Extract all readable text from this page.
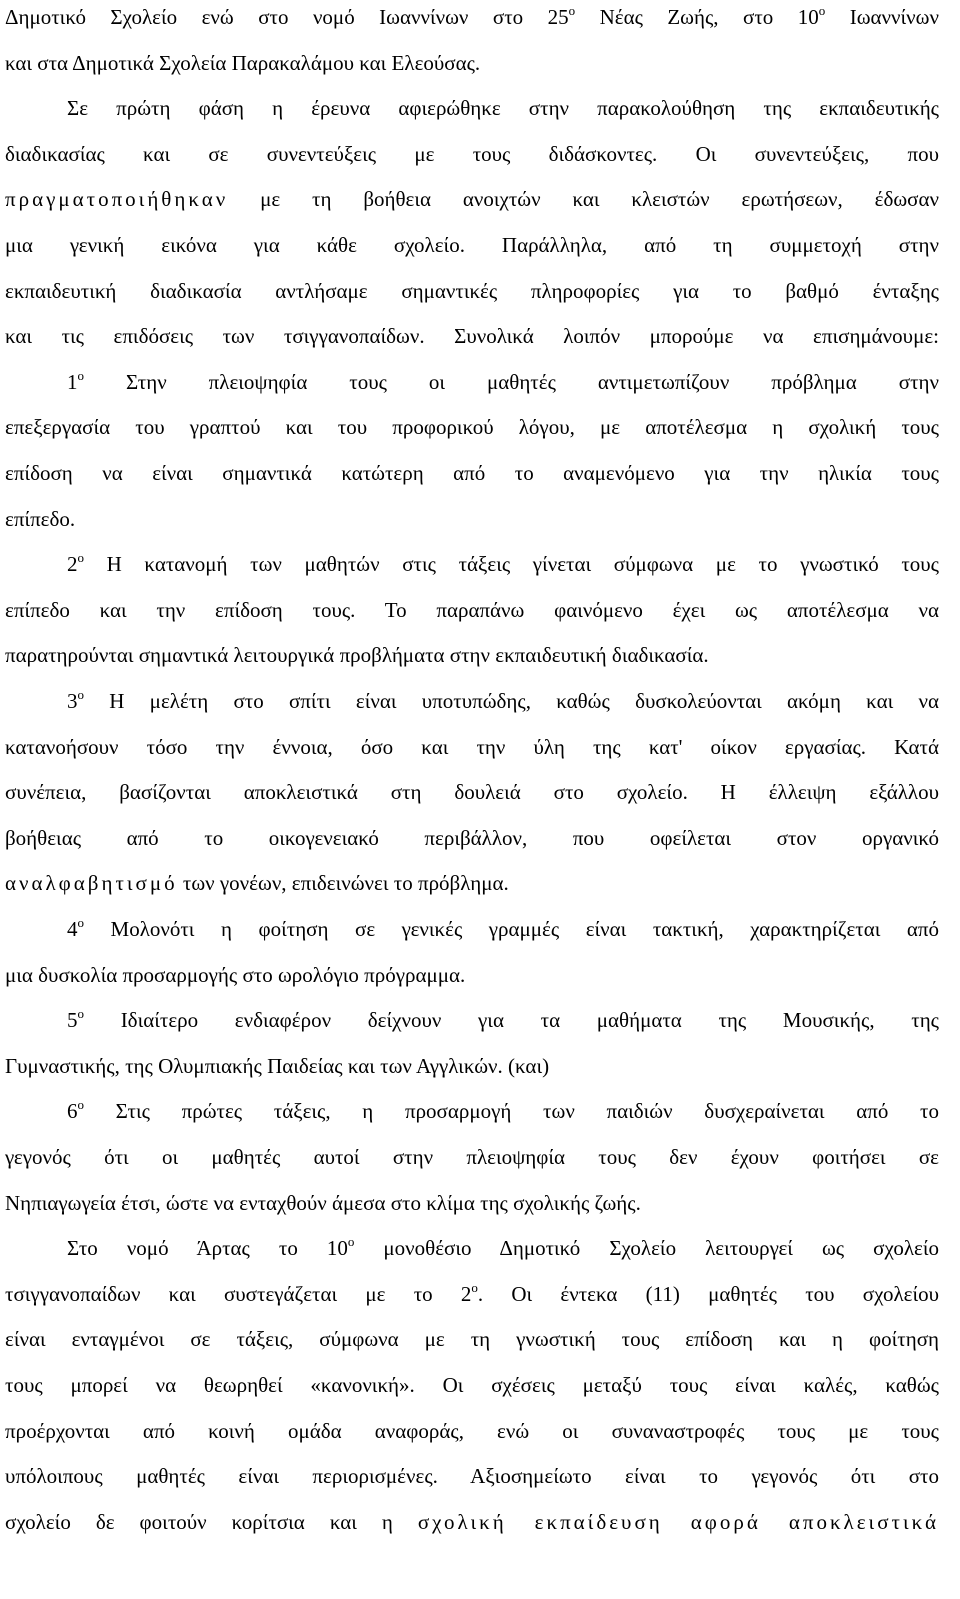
Δημοτικό Σχολείο ενώ στο νομό Ιωαννίνων στο $25^o$ Νέας Ζωής, στο $10^o$ Ιωαννίνων
και στα Δημοτικά Σχολεία Παρακαλάμου και Ελεούσας.
Σε πρώτη φάση η έρευνα αφιερώθηκε στην παρακολούθηση της εκπαιδευτικής
διαδικασίας και σε συνεντεύξεις με τους διδάσκοντες. Οι συνεντεύξεις, που
πραγματοποιήθηκαν με τη βοήθεια ανοιχτών και κλειστών ερωτήσεων, έδωσαν
μια γενική εικόνα για κάθε σχολείο. Παράλληλα, από τη συμμετοχή στην
εκπαιδευτική διαδικασία αντλήσαμε σημαντικές πληροφορίες για το βαθμό ένταξης
και τις επιδόσεις των τσιγγανοπαίδων. Συνολικά λοιπόν μπορούμε να επισημάνουμε:
$1^o$ Στην πλειοψηφία τους οι μαθητές αντιμετωπίζουν πρόβλημα στην
επεξεργασία του γραπτού και του προφορικού λόγου, με αποτέλεσμα η σχολική τους
επίδοση να είναι σημαντικά κατώτερη από το αναμενόμενο για την ηλικία τους
επίπεδο.
$2^o$ Η κατανομή των μαθητών στις τάξεις γίνεται σύμφωνα με το γνωστικό τους
επίπεδο και την επίδοση τους. Το παραπάνω φαινόμενο έχει ως αποτέλεσμα να
παρατηρούνται σημαντικά λειτουργικά προβλήματα στην εκπαιδευτική διαδικασία.
$3^o$ Η μελέτη στο σπίτι είναι υποτυπώδης, καθώς δυσκολεύονται ακόμη και να
κατανοήσουν τόσο την έννοια, όσο και την ύλη της κατ' οίκον εργασίας. Κατά
συνέπεια, βασίζονται αποκλειστικά στη δουλειά στο σχολείο. Η έλλειψη εξάλλου
βοήθειας από το οικογενειακό περιβάλλον, που οφείλεται στον οργανικό
αναλφαβητισμό των γονέων, επιδεινώνει το πρόβλημα.
$4^o$ Μολονότι η φοίτηση σε γενικές γραμμές είναι τακτική, χαρακτηρίζεται από
μια δυσκολία προσαρμογής στο ωρολόγιο πρόγραμμα.
$5^o$ Ιδιαίτερο ενδιαφέρον δείχνουν για τα μαθήματα της Μουσικής, της
Γυμναστικής, της Ολυμπιακής Παιδείας και των Αγγλικών. (και)
$6^o$ Στις πρώτες τάξεις, η προσαρμογή των παιδιών δυσχεραίνεται από το
γεγονός ότι οι μαθητές αυτοί στην πλειοψηφία τους δεν έχουν φοιτήσει σε
Νηπιαγωγεία έτσι, ώστε να ενταχθούν άμεσα στο κλίμα της σχολικής ζωής.
Στο νομό Άρτας το $10^o$ μονοθέσιο Δημοτικό Σχολείο λειτουργεί ως σχολείο
τσιγγανοπαίδων και συστεγάζεται με το $2^o$. Οι έντεκα (11) μαθητές του σχολείου
είναι ενταγμένοι σε τάξεις, σύμφωνα με τη γνωστική τους επίδοση και η φοίτηση
τους μπορεί να θεωρηθεί «κανονική». Οι σχέσεις μεταξύ τους είναι καλές, καθώς
προέρχονται από κοινή ομάδα αναφοράς, ενώ οι συναναστροφές τους με τους
υπόλοιπους μαθητές είναι περιορισμένες. Αξιοσημείωτο είναι το γεγονός ότι στο
σχολείο δε φοιτούν κορίτσια και η σχολική εκπαίδευση αφορά αποκλειστικά
